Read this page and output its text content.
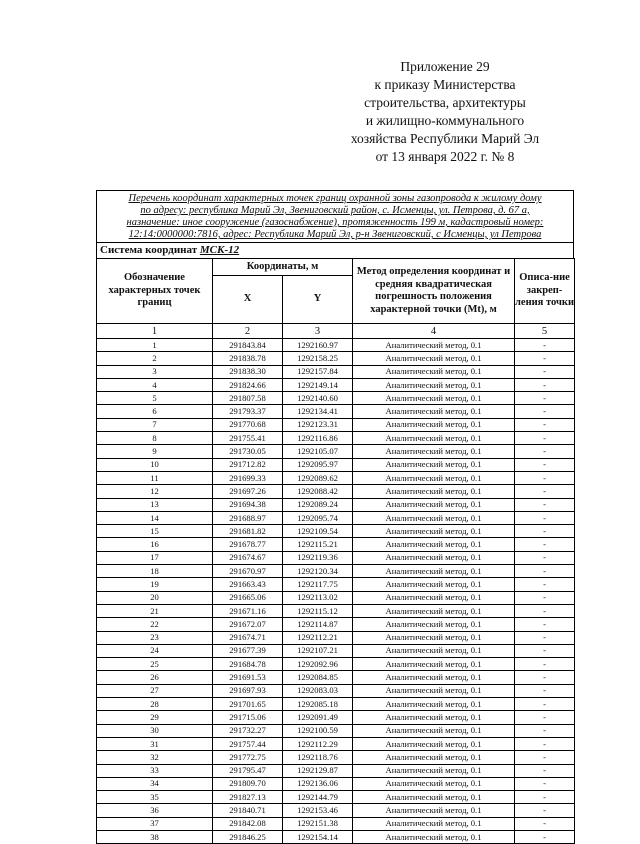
Приложение 29
к приказу Министерства
строительства, архитектуры
и жилищно-коммунального
хозяйства Республики Марий Эл
от 13 января 2022 г. № 8
Перечень координат характерных точек границ охранной зоны газопровода к жилому дому
по адресу: республика Марий Эл, Звениговский район, с. Исменцы, ул. Петрова, д. 67 а,
назначение: иное сооружение (газоснабжение), протяженность 199 м, кадастровый номер:
12:14:0000000:7816, адрес: Республика Марий Эл, р-н Звениговский, с Исменцы, ул Петрова
Система координат МСК-12
Обозначение характерных точек границ	Координаты, м		Метод определения координат и средняя квадратическая погрешность положения характерной точки (Mt), м	Описа-ние закреп-ления точки
	X	Y		
1	2	3	4	5
1	291843.84	1292160.97	Аналитический метод, 0.1	-
2	291838.78	1292158.25	Аналитический метод, 0.1	-
3	291838.30	1292157.84	Аналитический метод, 0.1	-
4	291824.66	1292149.14	Аналитический метод, 0.1	-
5	291807.58	1292140.60	Аналитический метод, 0.1	-
6	291793.37	1292134.41	Аналитический метод, 0.1	-
7	291770.68	1292123.31	Аналитический метод, 0.1	-
8	291755.41	1292116.86	Аналитический метод, 0.1	-
9	291730.05	1292105.07	Аналитический метод, 0.1	-
10	291712.82	1292095.97	Аналитический метод, 0.1	-
11	291699.33	1292089.62	Аналитический метод, 0.1	-
12	291697.26	1292088.42	Аналитический метод, 0.1	-
13	291694.38	1292089.24	Аналитический метод, 0.1	-
14	291688.97	1292095.74	Аналитический метод, 0.1	-
15	291681.82	1292109.54	Аналитический метод, 0.1	-
16	291678.77	1292115.21	Аналитический метод, 0.1	-
17	291674.67	1292119.36	Аналитический метод, 0.1	-
18	291670.97	1292120.34	Аналитический метод, 0.1	-
19	291663.43	1292117.75	Аналитический метод, 0.1	-
20	291665.06	1292113.02	Аналитический метод, 0.1	-
21	291671.16	1292115.12	Аналитический метод, 0.1	-
22	291672.07	1292114.87	Аналитический метод, 0.1	-
23	291674.71	1292112.21	Аналитический метод, 0.1	-
24	291677.39	1292107.21	Аналитический метод, 0.1	-
25	291684.78	1292092.96	Аналитический метод, 0.1	-
26	291691.53	1292084.85	Аналитический метод, 0.1	-
27	291697.93	1292083.03	Аналитический метод, 0.1	-
28	291701.65	1292085.18	Аналитический метод, 0.1	-
29	291715.06	1292091.49	Аналитический метод, 0.1	-
30	291732.27	1292100.59	Аналитический метод, 0.1	-
31	291757.44	1292112.29	Аналитический метод, 0.1	-
32	291772.75	1292118.76	Аналитический метод, 0.1	-
33	291795.47	1292129.87	Аналитический метод, 0.1	-
34	291809.70	1292136.06	Аналитический метод, 0.1	-
35	291827.13	1292144.79	Аналитический метод, 0.1	-
36	291840.71	1292153.46	Аналитический метод, 0.1	-
37	291842.08	1292151.38	Аналитический метод, 0.1	-
38	291846.25	1292154.14	Аналитический метод, 0.1	-
